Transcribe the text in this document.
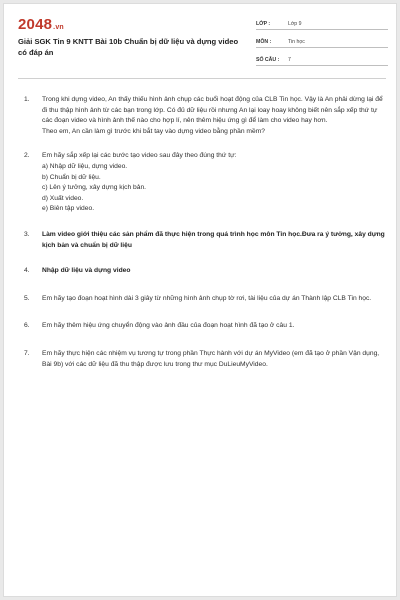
2048.vn
Giải SGK Tin 9 KNTT Bài 10b Chuẩn bị dữ liệu và dựng video có đáp án
LỚP :	Lớp 9
MÔN :	Tin học
SỐ CÂU :	7
1. Trong khi dựng video, An thấy thiếu hình ảnh chụp các buổi hoạt động của CLB Tin học. Vậy là An phải dừng lại để đi thu thập hình ảnh từ các bạn trong lớp. Có đủ dữ liệu rồi nhưng An lại loay hoay không biết nên sắp xếp thứ tự các đoạn video và hình ảnh thế nào cho hợp lí, nên thêm hiệu ứng gì để làm cho video hay hơn.

Theo em, An cần làm gì trước khi bắt tay vào dựng video bằng phần mềm?

2. Em hãy sắp xếp lại các bước tạo video sau đây theo đúng thứ tự:

a) Nhập dữ liệu, dựng video.

b) Chuẩn bị dữ liệu.

c) Lên ý tưởng, xây dựng kịch bản.

d) Xuất video.

e) Biên tập video.

3. Làm video giới thiệu các sản phẩm đã thực hiện trong quá trình học môn Tin học.Đưa ra ý tưởng, xây dựng kịch bản và chuẩn bị dữ liệu

4. Nhập dữ liệu và dựng video

5. Em hãy tạo đoạn hoạt hình dài 3 giây từ những hình ảnh chụp tờ rơi, tài liệu của dự án Thành lập CLB Tin học.

6. Em hãy thêm hiệu ứng chuyển động vào ảnh đầu của đoạn hoạt hình đã tạo ở câu 1.

7. Em hãy thực hiện các nhiệm vụ tương tự trong phần Thực hành với dự án MyVideo (em đã tạo ở phần Vận dụng, Bài 9b) với các dữ liệu đã thu thập được lưu trong thư mục DuLieuMyVideo.
